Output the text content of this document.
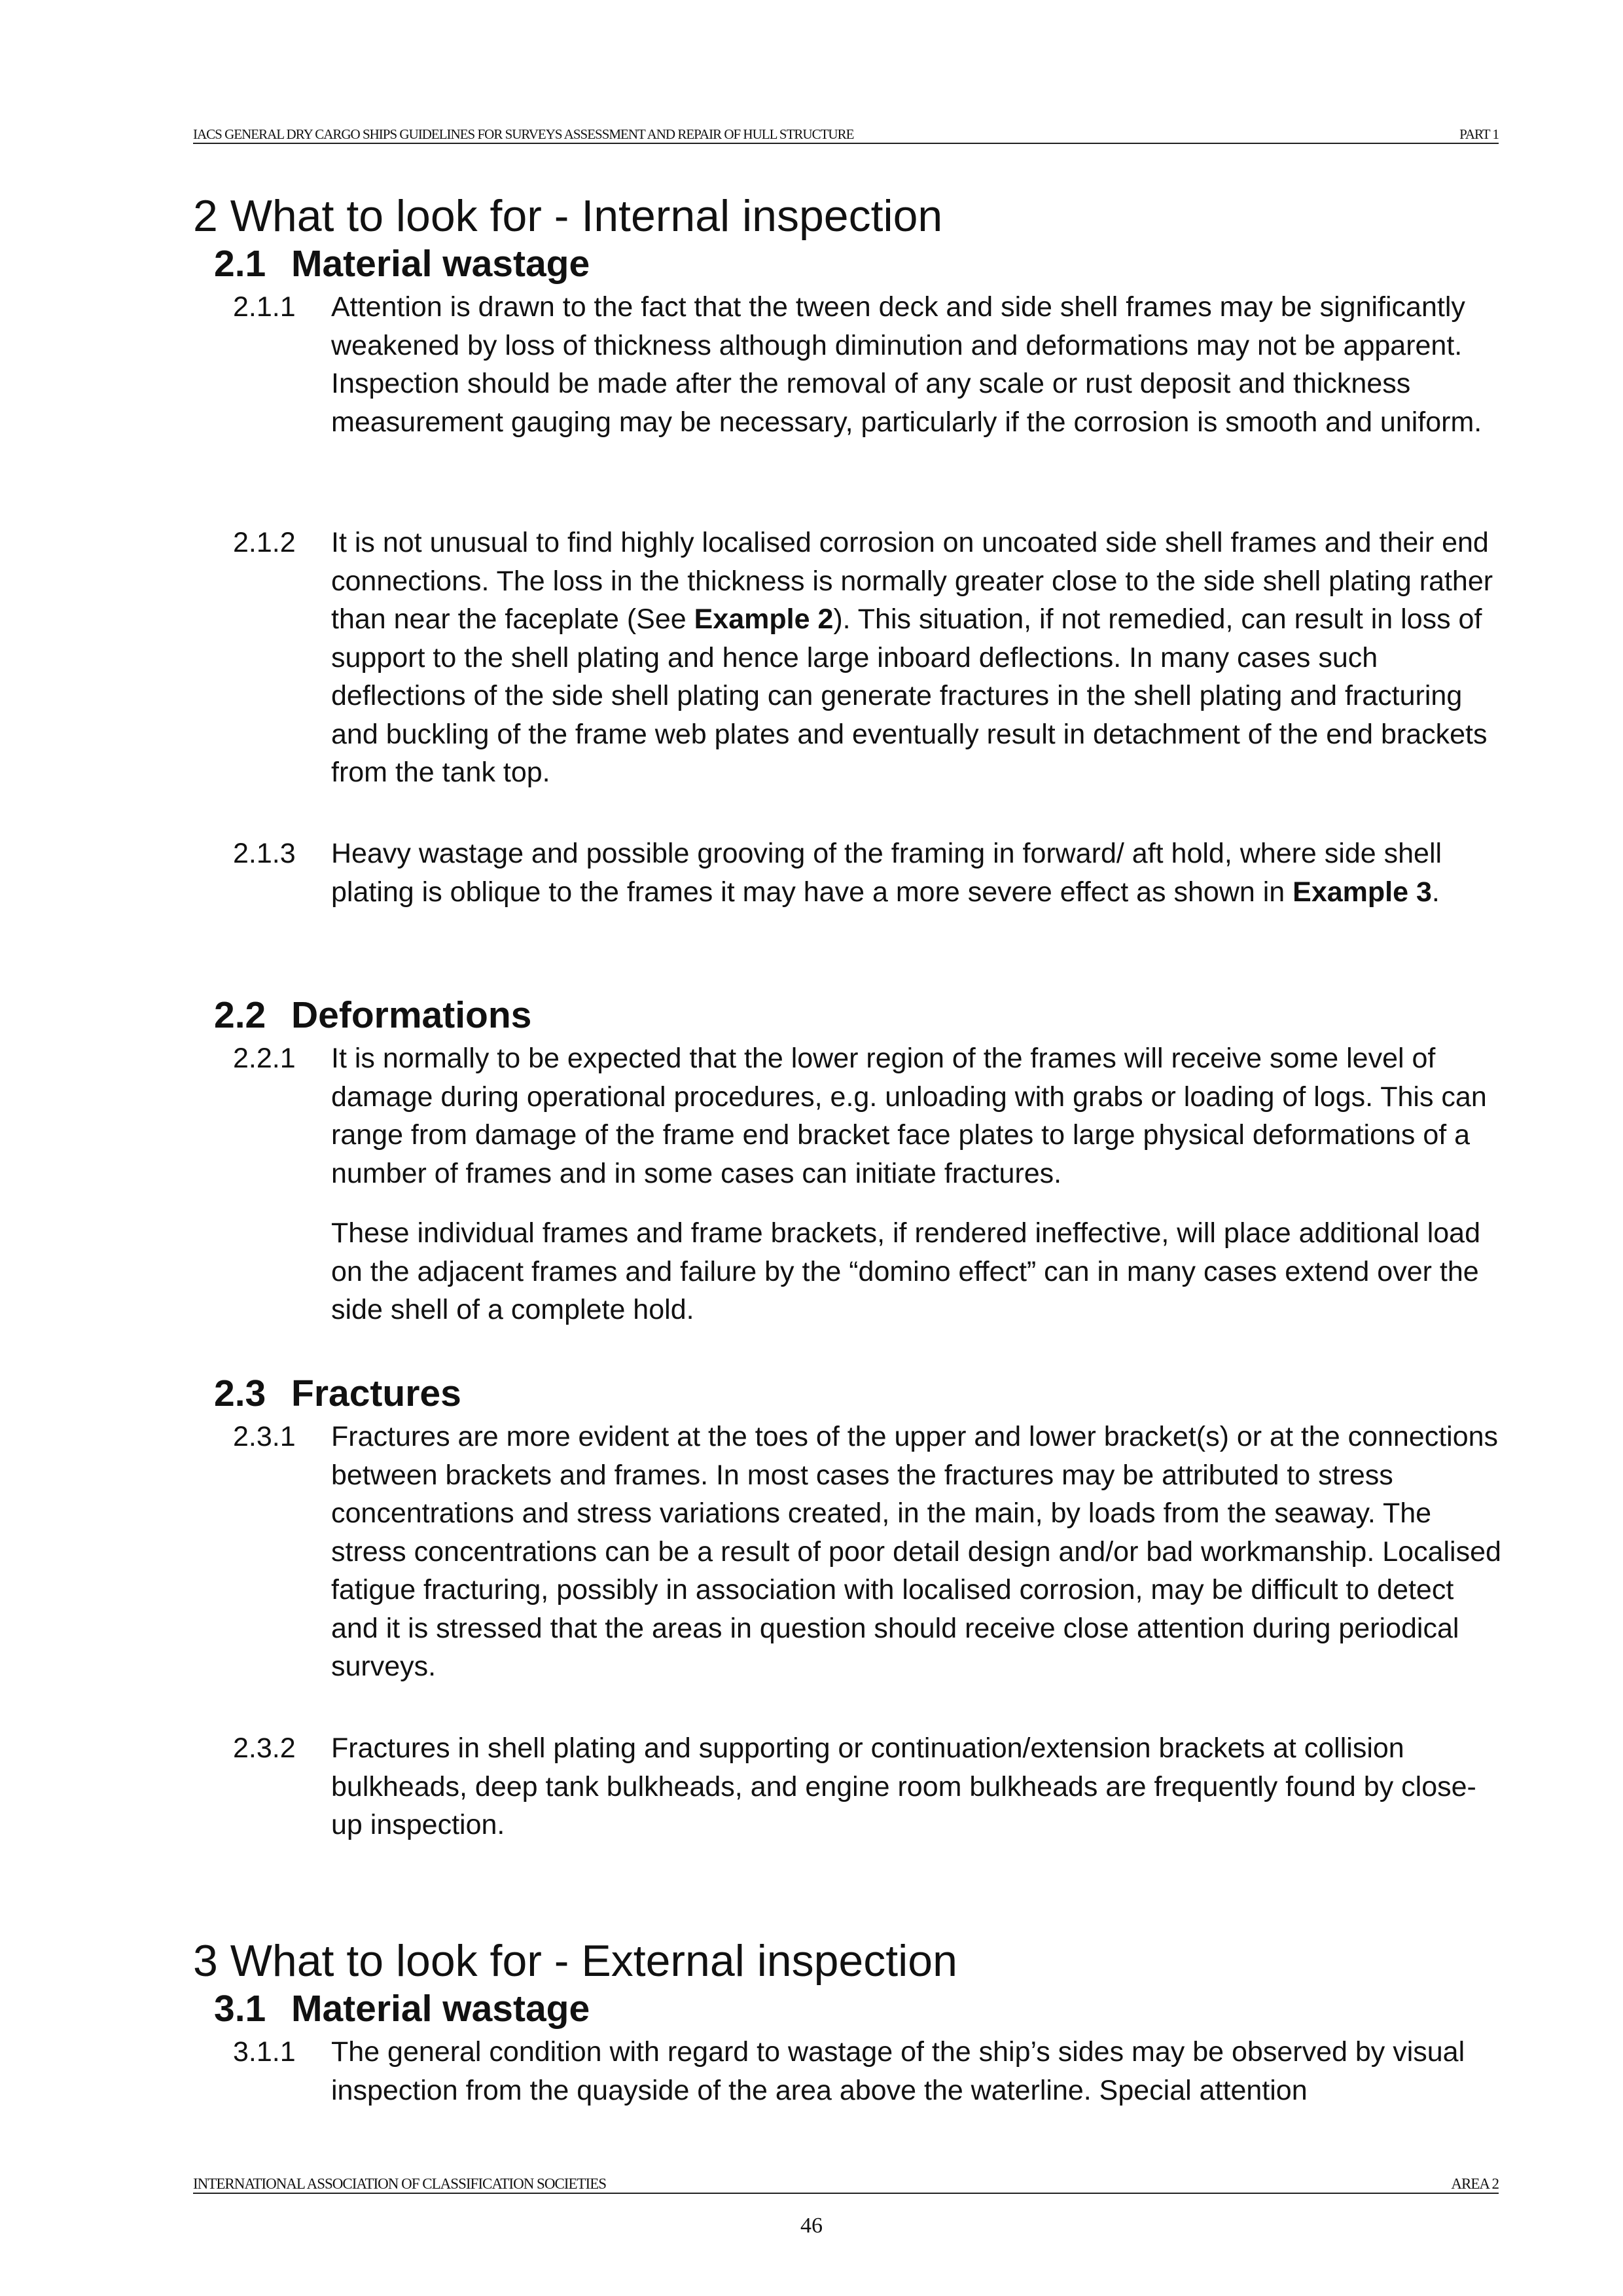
IACS GENERAL DRY CARGO SHIPS GUIDELINES FOR SURVEYS ASSESSMENT AND REPAIR OF HULL STRUCTURE	PART 1
2 What to look for - Internal inspection
2.1 Material wastage
2.1.1	Attention is drawn to the fact that the tween deck and side shell frames may be significantly weakened by loss of thickness although diminution and deformations may not be apparent. Inspection should be made after the removal of any scale or rust deposit and thickness measurement gauging may be necessary, particularly if the corrosion is smooth and uniform.
2.1.2	It is not unusual to find highly localised corrosion on uncoated side shell frames and their end connections. The loss in the thickness is normally greater close to the side shell plating rather than near the faceplate (See Example 2). This situation, if not remedied, can result in loss of support to the shell plating and hence large inboard deflections. In many cases such deflections of the side shell plating can generate fractures in the shell plating and fracturing and buckling of the frame web plates and eventually result in detachment of the end brackets from the tank top.
2.1.3	Heavy wastage and possible grooving of the framing in forward/ aft hold, where side shell plating is oblique to the frames it may have a more severe effect as shown in Example 3.
2.2 Deformations
2.2.1	It is normally to be expected that the lower region of the frames will receive some level of damage during operational procedures, e.g. unloading with grabs or loading of logs. This can range from damage of the frame end bracket face plates to large physical deformations of a number of frames and in some cases can initiate fractures.
These individual frames and frame brackets, if rendered ineffective, will place additional load on the adjacent frames and failure by the “domino effect” can in many cases extend over the side shell of a complete hold.
2.3 Fractures
2.3.1	Fractures are more evident at the toes of the upper and lower bracket(s) or at the connections between brackets and frames. In most cases the fractures may be attributed to stress concentrations and stress variations created, in the main, by loads from the seaway. The stress concentrations can be a result of poor detail design and/or bad workmanship. Localised fatigue fracturing, possibly in association with localised corrosion, may be difficult to detect and it is stressed that the areas in question should receive close attention during periodical surveys.
2.3.2	Fractures in shell plating and supporting or continuation/extension brackets at collision bulkheads, deep tank bulkheads, and engine room bulkheads are frequently found by close-up inspection.
3 What to look for - External inspection
3.1 Material wastage
3.1.1	The general condition with regard to wastage of the ship’s sides may be observed by visual inspection from the quayside of the area above the waterline. Special attention
INTERNATIONAL ASSOCIATION OF CLASSIFICATION SOCIETIES	AREA 2
46
